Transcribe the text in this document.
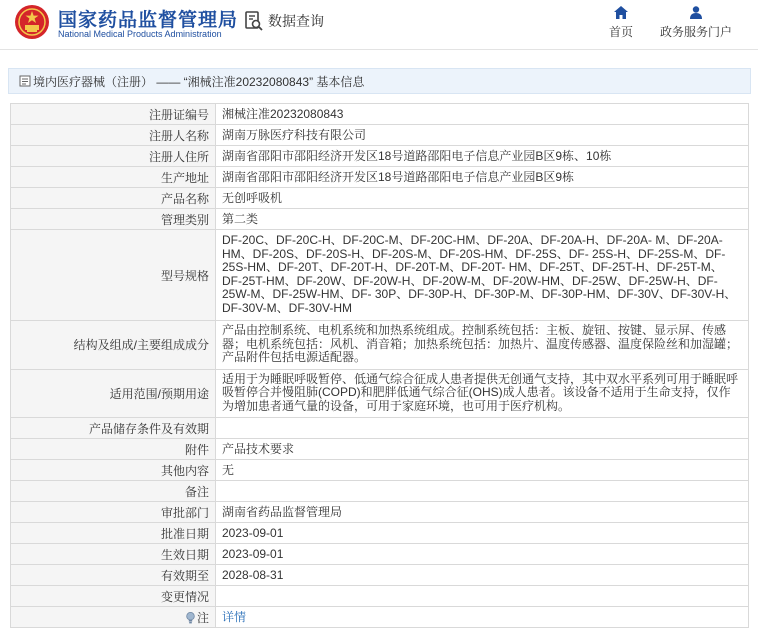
国家药品监督管理局
National Medical Products Administration
数据查询
首页 政务服务门户
境内医疗器械（注册） —— “湘械注准20232080843” 基本信息
注册证编号	湘械注准20232080843
注册人名称	湖南万脉医疗科技有限公司
注册人住所	湖南省邵阳市邵阳经济开发区18号道路邵阳电子信息产业园B区9栋、10栋
生产地址	湖南省邵阳市邵阳经济开发区18号道路邵阳电子信息产业园B区9栋
产品名称	无创呼吸机
管理类别	第二类
型号规格	DF-20C、DF-20C-H、DF-20C-M、DF-20C-HM、DF-20A、DF-20A-H、DF-20A- M、DF-20A-HM、DF-20S、DF-20S-H、DF-20S-M、DF-20S-HM、DF-25S、DF- 25S-H、DF-25S-M、DF-25S-HM、DF-20T、DF-20T-H、DF-20T-M、DF-20T- HM、DF-25T、DF-25T-H、DF-25T-M、DF-25T-HM、DF-20W、DF-20W-H、DF-20W-M、DF-20W-HM、DF-25W、DF-25W-H、DF-25W-M、DF-25W-HM、DF- 30P、DF-30P-H、DF-30P-M、DF-30P-HM、DF-30V、DF-30V-H、DF-30V-M、DF-30V-HM
结构及组成/主要组成成分	产品由控制系统、电机系统和加热系统组成。控制系统包括：主板、旋钮、按键、显示屏、传感器；电机系统包括：风机、消音箱；加热系统包括：加热片、温度传感器、温度保险丝和加湿罐；产品附件包括电源适配器。
适用范围/预期用途	适用于为睡眠呼吸暂停、低通气综合征成人患者提供无创通气支持，其中双水平系列可用于睡眠呼吸暂停合并慢阻肺(COPD)和肥胖低通气综合征(OHS)成人患者。该设备不适用于生命支持，仅作为增加患者通气量的设备，可用于家庭环境，也可用于医疗机构。
产品储存条件及有效期	
附件	产品技术要求
其他内容	无
备注	
审批部门	湖南省药品监督管理局
批准日期	2023-09-01
生效日期	2023-09-01
有效期至	2028-08-31
变更情况	
注	详情
